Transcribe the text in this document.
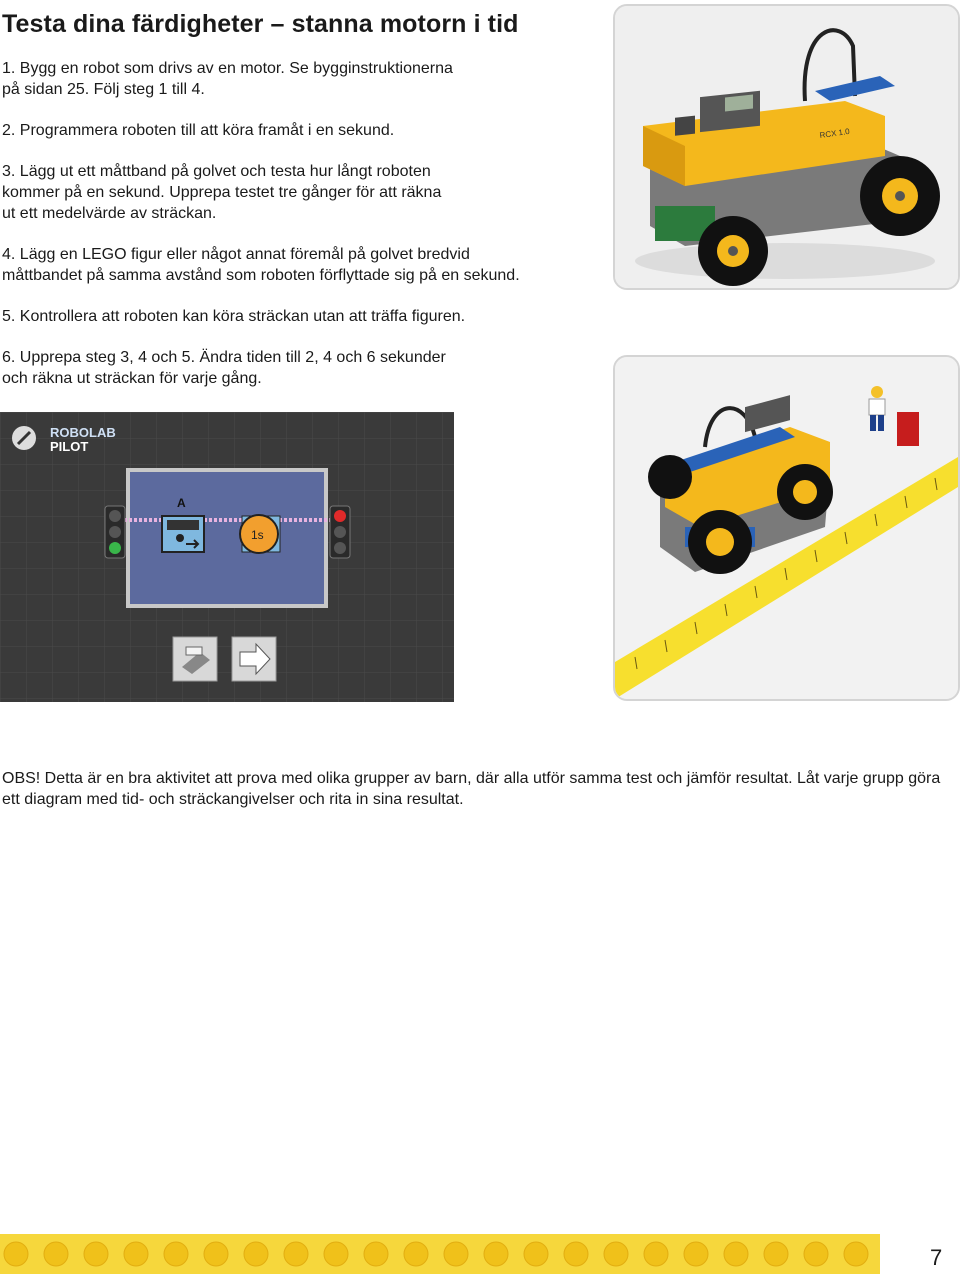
Testa dina färdigheter – stanna motorn i tid

1. Bygg en robot som drivs av en motor. Se bygginstruktionerna
på sidan 25. Följ steg 1 till 4.

2. Programmera roboten till att köra framåt i en sekund.

3. Lägg ut ett måttband på golvet och testa hur långt roboten
kommer på en sekund. Upprepa testet tre gånger för att räkna
ut ett medelvärde av sträckan.

4. Lägg en LEGO figur eller något annat föremål på golvet bredvid
måttbandet på samma avstånd som roboten förflyttade sig på en sekund.

5. Kontrollera att roboten kan köra sträckan utan att träffa figuren.

6. Upprepa steg 3, 4 och 5. Ändra tiden till 2, 4 och 6 sekunder
och räkna ut sträckan för varje gång.

RCX 1.0
ROBOLAB
PILOT
A
1s

OBS! Detta är en bra aktivitet att prova med olika grupper av barn, där alla utför samma test och jämför resultat. Låt varje grupp göra ett diagram med tid- och sträckangivelser och rita in sina resultat.

7
